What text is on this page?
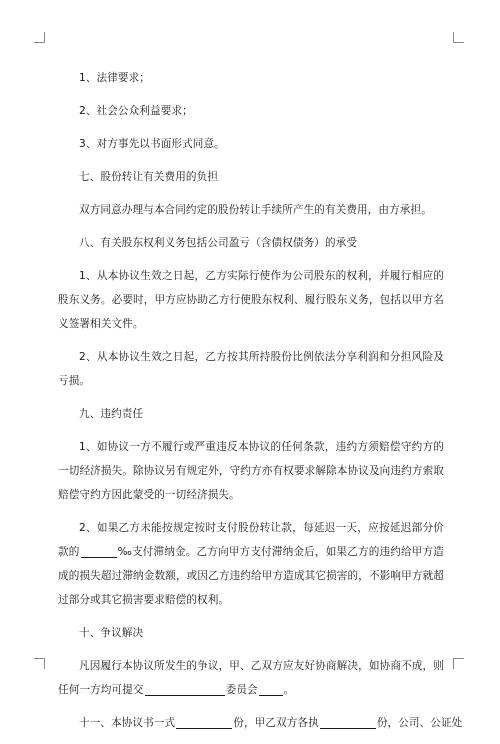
1、法律要求；

2、社会公众利益要求；

3、对方事先以书面形式同意。

七、股份转让有关费用的负担

双方同意办理与本合同约定的股份转让手续所产生的有关费用，由方承担。

八、有关股东权利义务包括公司盈亏（含债权债务）的承受

1、从本协议生效之日起，乙方实际行使作为公司股东的权利，并履行相应的股东义务。必要时，甲方应协助乙方行使股东权利、履行股东义务，包括以甲方名义签署相关文件。

2、从本协议生效之日起，乙方按其所持股份比例依法分享利润和分担风险及亏损。

九、违约责任

1、如协议一方不履行或严重违反本协议的任何条款，违约方须赔偿守约方的一切经济损失。除协议另有规定外，守约方亦有权要求解除本协议及向违约方索取赔偿守约方因此蒙受的一切经济损失。

2、如果乙方未能按规定按时支付股份转让款，每延迟一天，应按延迟部分价款的	‰支付滞纳金。乙方向甲方支付滞纳金后，如果乙方的违约给甲方造成的损失超过滞纳金数额，或因乙方违约给甲方造成其它损害的，不影响甲方就超过部分或其它损害要求赔偿的权利。

十、争议解决

凡因履行本协议所发生的争议，甲、乙双方应友好协商解决，如协商不成，则任何一方均可提交	委员会 。

十一、本协议书一式	份，甲乙双方各执	份，公司、公证处
